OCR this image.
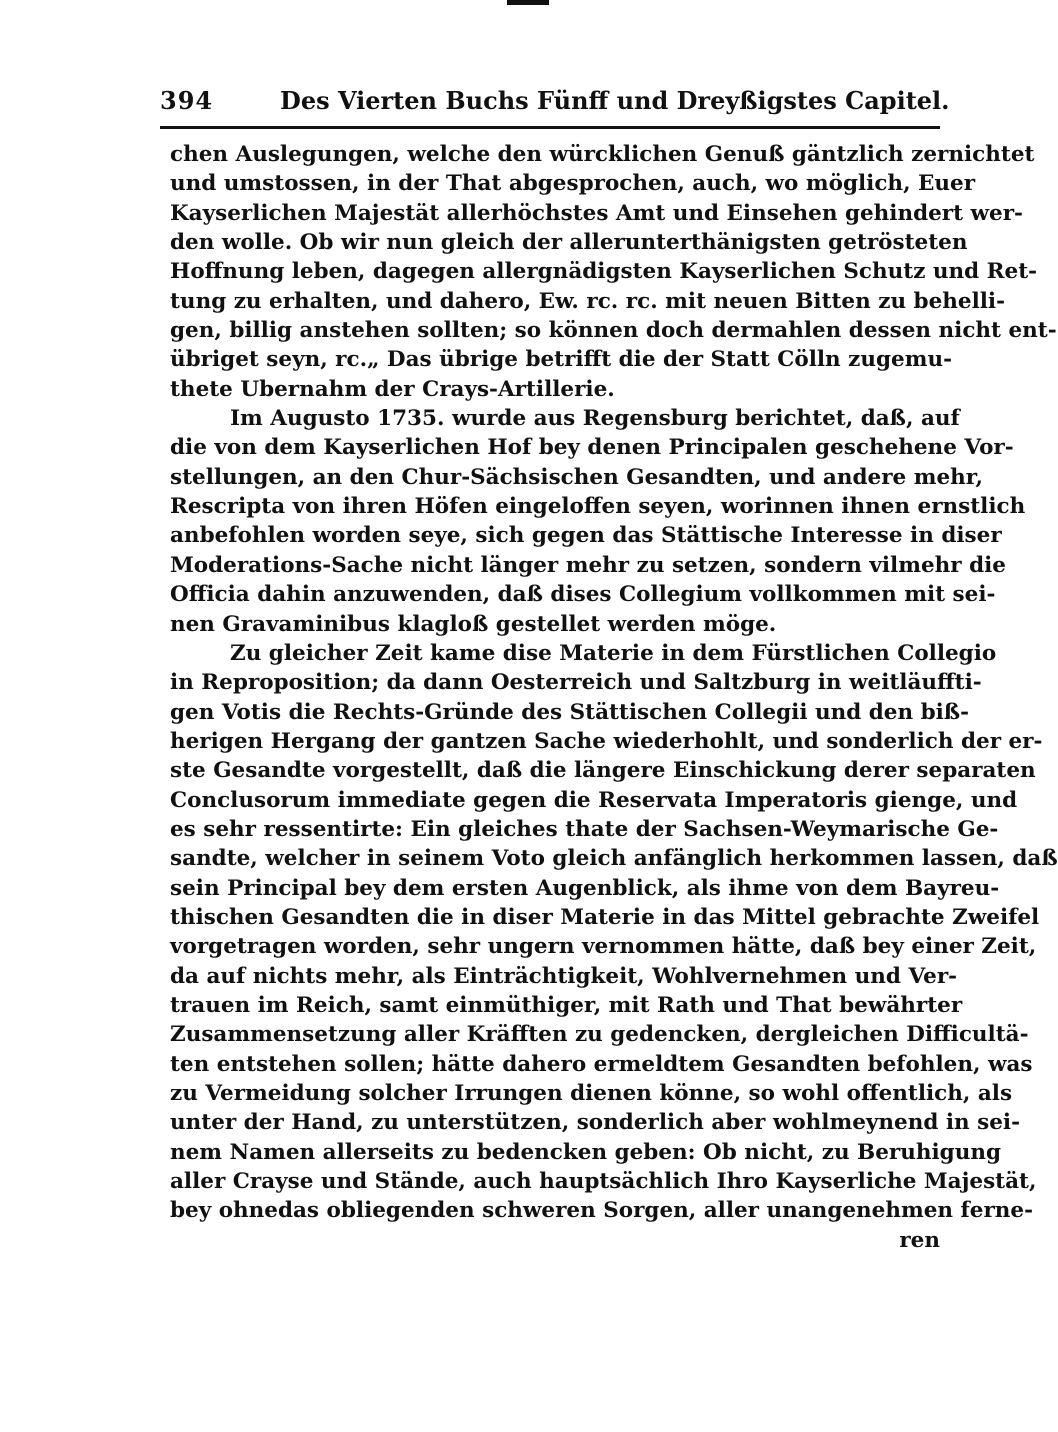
394	Des Vierten Buchs Fünff und Dreyßigstes Capitel.
chen Auslegungen, welche den würcklichen Genuß gäntzlich zernichtet
und umstossen, in der That abgesprochen, auch, wo möglich, Euer
Kayserlichen Majestät allerhöchstes Amt und Einsehen gehindert wer-
den wolle. Ob wir nun gleich der allerunterthänigsten getrösteten
Hoffnung leben, dagegen allergnädigsten Kayserlichen Schutz und Ret-
tung zu erhalten, und dahero, Ew. rc. rc. mit neuen Bitten zu behelli-
gen, billig anstehen sollten; so können doch dermahlen dessen nicht ent-
übriget seyn, rc.„ Das übrige betrifft die der Statt Cölln zugemu-
thete Ubernahm der Crays-Artillerie.
Im Augusto 1735. wurde aus Regensburg berichtet, daß, auf
die von dem Kayserlichen Hof bey denen Principalen geschehene Vor-
stellungen, an den Chur-Sächsischen Gesandten, und andere mehr,
Rescripta von ihren Höfen eingeloffen seyen, worinnen ihnen ernstlich
anbefohlen worden seye, sich gegen das Stättische Interesse in diser
Moderations-Sache nicht länger mehr zu setzen, sondern vilmehr die
Officia dahin anzuwenden, daß dises Collegium vollkommen mit sei-
nen Gravaminibus klagloß gestellet werden möge.
Zu gleicher Zeit kame dise Materie in dem Fürstlichen Collegio
in Reproposition; da dann Oesterreich und Saltzburg in weitläuffti-
gen Votis die Rechts-Gründe des Stättischen Collegii und den biß-
herigen Hergang der gantzen Sache wiederhohlt, und sonderlich der er-
ste Gesandte vorgestellt, daß die längere Einschickung derer separaten
Conclusorum immediate gegen die Reservata Imperatoris gienge, und
es sehr ressentirte: Ein gleiches thate der Sachsen-Weymarische Ge-
sandte, welcher in seinem Voto gleich anfänglich herkommen lassen, daß
sein Principal bey dem ersten Augenblick, als ihme von dem Bayreu-
thischen Gesandten die in diser Materie in das Mittel gebrachte Zweifel
vorgetragen worden, sehr ungern vernommen hätte, daß bey einer Zeit,
da auf nichts mehr, als Einträchtigkeit, Wohlvernehmen und Ver-
trauen im Reich, samt einmüthiger, mit Rath und That bewährter
Zusammensetzung aller Kräfften zu gedencken, dergleichen Difficultä-
ten entstehen sollen; hätte dahero ermeldtem Gesandten befohlen, was
zu Vermeidung solcher Irrungen dienen könne, so wohl offentlich, als
unter der Hand, zu unterstützen, sonderlich aber wohlmeynend in sei-
nem Namen allerseits zu bedencken geben: Ob nicht, zu Beruhigung
aller Crayse und Stände, auch hauptsächlich Ihro Kayserliche Majestät,
bey ohnedas obliegenden schweren Sorgen, aller unangenehmen ferne-
ren
